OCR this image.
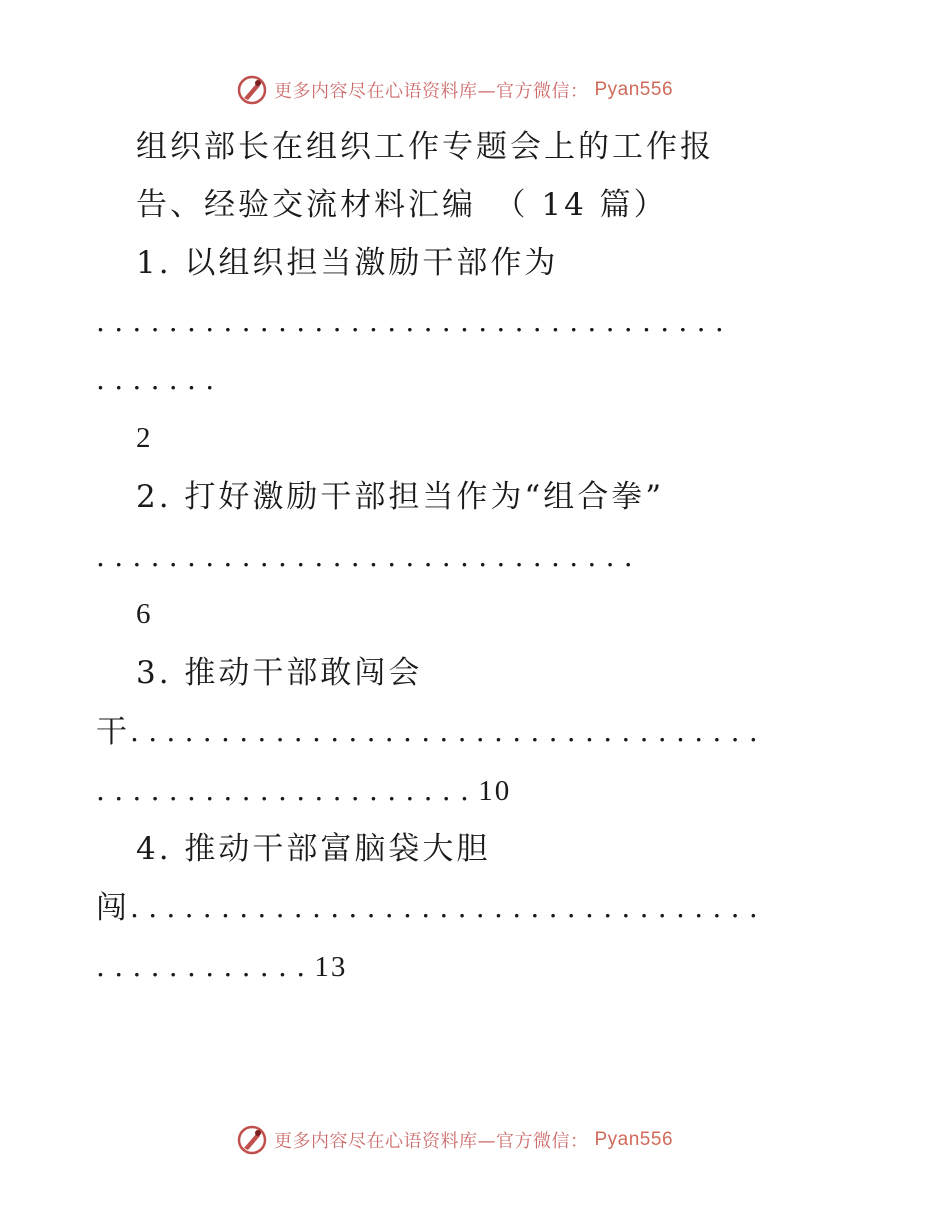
更多内容尽在心语资料库—官方微信： Pyan556
组织部长在组织工作专题会上的工作报
告、经验交流材料汇编　（ 14 篇）
1. 以组织担当激励干部作为
...................................
.......
2
2. 打好激励干部担当作为“组合拳”
..............................
6
3. 推动干部敢闯会
干 ...................................
.....................10
4. 推动干部富脑袋大胆
闯 ...................................
............13
更多内容尽在心语资料库—官方微信： Pyan556
